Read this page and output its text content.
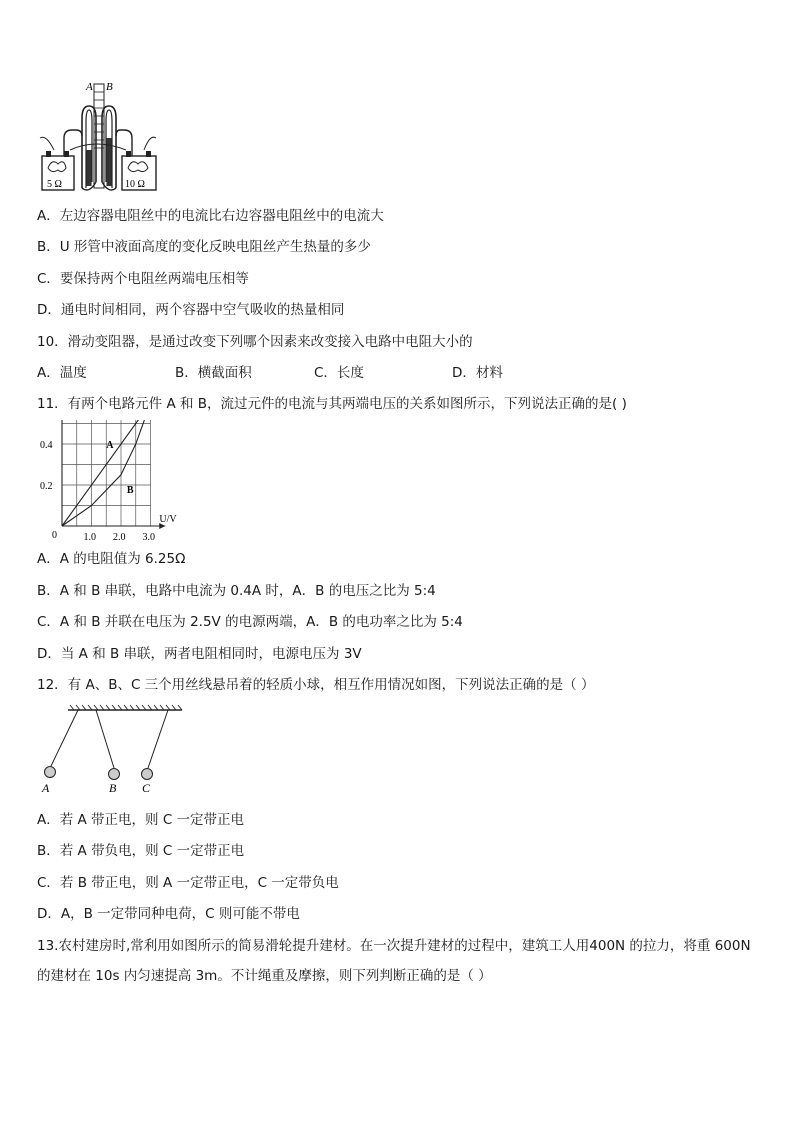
A B
5 Ω	10 Ω
A．左边容器电阻丝中的电流比右边容器电阻丝中的电流大
B．U 形管中液面高度的变化反映电阻丝产生热量的多少
C．要保持两个电阻丝两端电压相等
D．通电时间相同，两个容器中空气吸收的热量相同
10．滑动变阻器，是通过改变下列哪个因素来改变接入电路中电阻大小的
A．温度	B．横截面积	C．长度	D．材料
11．有两个电路元件 A 和 B，流过元件的电流与其两端电压的关系如图所示，下列说法正确的是( )
U/V
0	1.0 2.0 3.0
0.2
0.4	A
B
A．A 的电阻值为 6.25Ω
B．A 和 B 串联，电路中电流为 0.4A 时，A．B 的电压之比为 5:4
C．A 和 B 并联在电压为 2.5V 的电源两端，A．B 的电功率之比为 5:4
D．当 A 和 B 串联，两者电阻相同时，电源电压为 3V
12．有 A、B、C 三个用丝线悬吊着的轻质小球，相互作用情况如图，下列说法正确的是（ ）
A	B C
A．若 A 带正电，则 C 一定带正电
B．若 A 带负电，则 C 一定带正电
C．若 B 带正电，则 A 一定带正电，C 一定带负电
D．A，B 一定带同种电荷，C 则可能不带电
13.农村建房时,常利用如图所示的简易滑轮提升建材。在一次提升建材的过程中，建筑工人用400N 的拉力，将重 600N
的建材在 10s 内匀速提高 3m。不计绳重及摩擦，则下列判断正确的是（ ）
